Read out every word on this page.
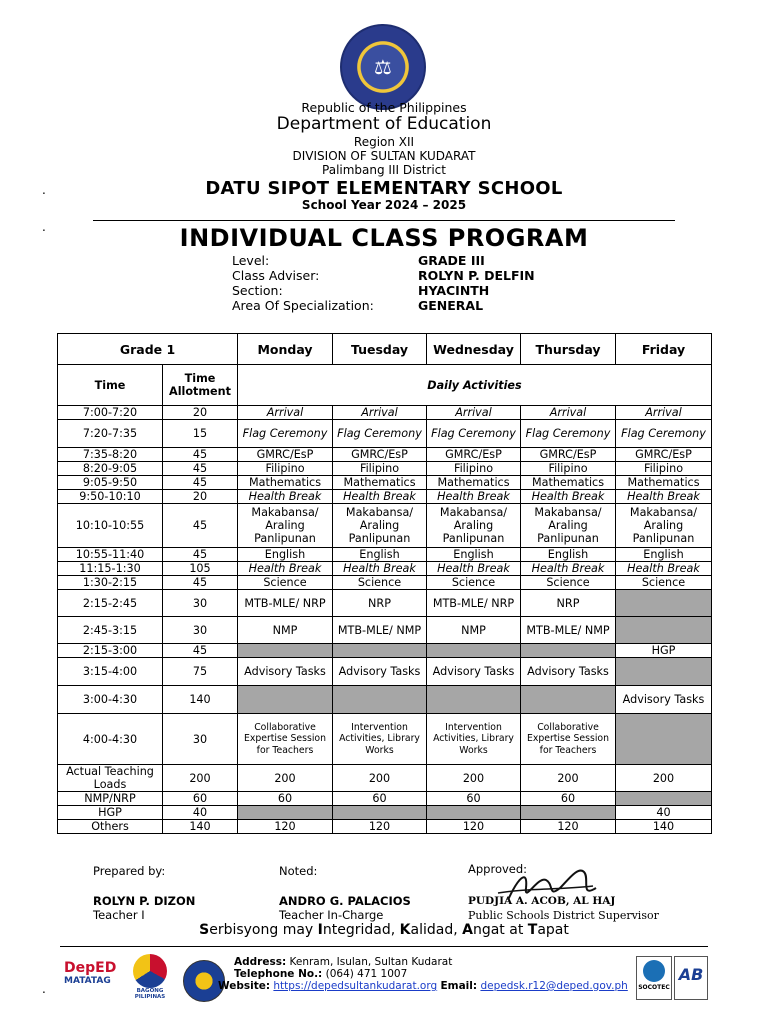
⚖
Republic of the Philippines
Department of Education
Region XII
DIVISION OF SULTAN KUDARAT
Palimbang III District
DATU SIPOT ELEMENTARY SCHOOL
School Year 2024 – 2025
.
.	INDIVIDUAL CLASS PROGRAM
Level:	GRADE III
Class Adviser:	ROLYN P. DELFIN
Section:	HYACINTH
Area Of Specialization:	GENERAL
Grade 1		Monday	Tuesday	Wednesday	Thursday	Friday
Time	Time Allotment	Daily Activities				
7:00-7:20	20	Arrival	Arrival	Arrival	Arrival	Arrival
7:20-7:35	15	Flag Ceremony	Flag Ceremony	Flag Ceremony	Flag Ceremony	Flag Ceremony
7:35-8:20	45	GMRC/EsP	GMRC/EsP	GMRC/EsP	GMRC/EsP	GMRC/EsP
8:20-9:05	45	Filipino	Filipino	Filipino	Filipino	Filipino
9:05-9:50	45	Mathematics	Mathematics	Mathematics	Mathematics	Mathematics
9:50-10:10	20	Health Break	Health Break	Health Break	Health Break	Health Break
10:10-10:55	45	Makabansa/ Araling Panlipunan	Makabansa/ Araling Panlipunan	Makabansa/ Araling Panlipunan	Makabansa/ Araling Panlipunan	Makabansa/ Araling Panlipunan
10:55-11:40	45	English	English	English	English	English
11:15-1:30	105	Health Break	Health Break	Health Break	Health Break	Health Break
1:30-2:15	45	Science	Science	Science	Science	Science
2:15-2:45	30	MTB-MLE/ NRP	NRP	MTB-MLE/ NRP	NRP	
2:45-3:15	30	NMP	MTB-MLE/ NMP	NMP	MTB-MLE/ NMP	
2:15-3:00	45					HGP
3:15-4:00	75	Advisory Tasks	Advisory Tasks	Advisory Tasks	Advisory Tasks	
3:00-4:30	140					Advisory Tasks
4:00-4:30	30	Collaborative Expertise Session for Teachers	Intervention Activities, Library Works	Intervention Activities, Library Works	Collaborative Expertise Session for Teachers	
Actual Teaching Loads	200	200	200	200	200	200
NMP/NRP	60	60	60	60	60	
HGP	40					40
Others	140	120	120	120	120	140
Prepared by:
ROLYN P. DIZON
Teacher I
Noted:
ANDRO G. PALACIOS
Teacher In-Charge
Approved:
PUDJIA A. ACOB, AL HAJ
Public Schools District Supervisor
Serbisyong may Integridad, Kalidad, Angat at Tapat
DepED
MATATAG
BAGONG PILIPINAS
SOCOTEC
AB
Address: Kenram, Isulan, Sultan Kudarat
Telephone No.: (064) 471 1007
Website: https://depedsultankudarat.org Email: depedsk.r12@deped.gov.ph
.
